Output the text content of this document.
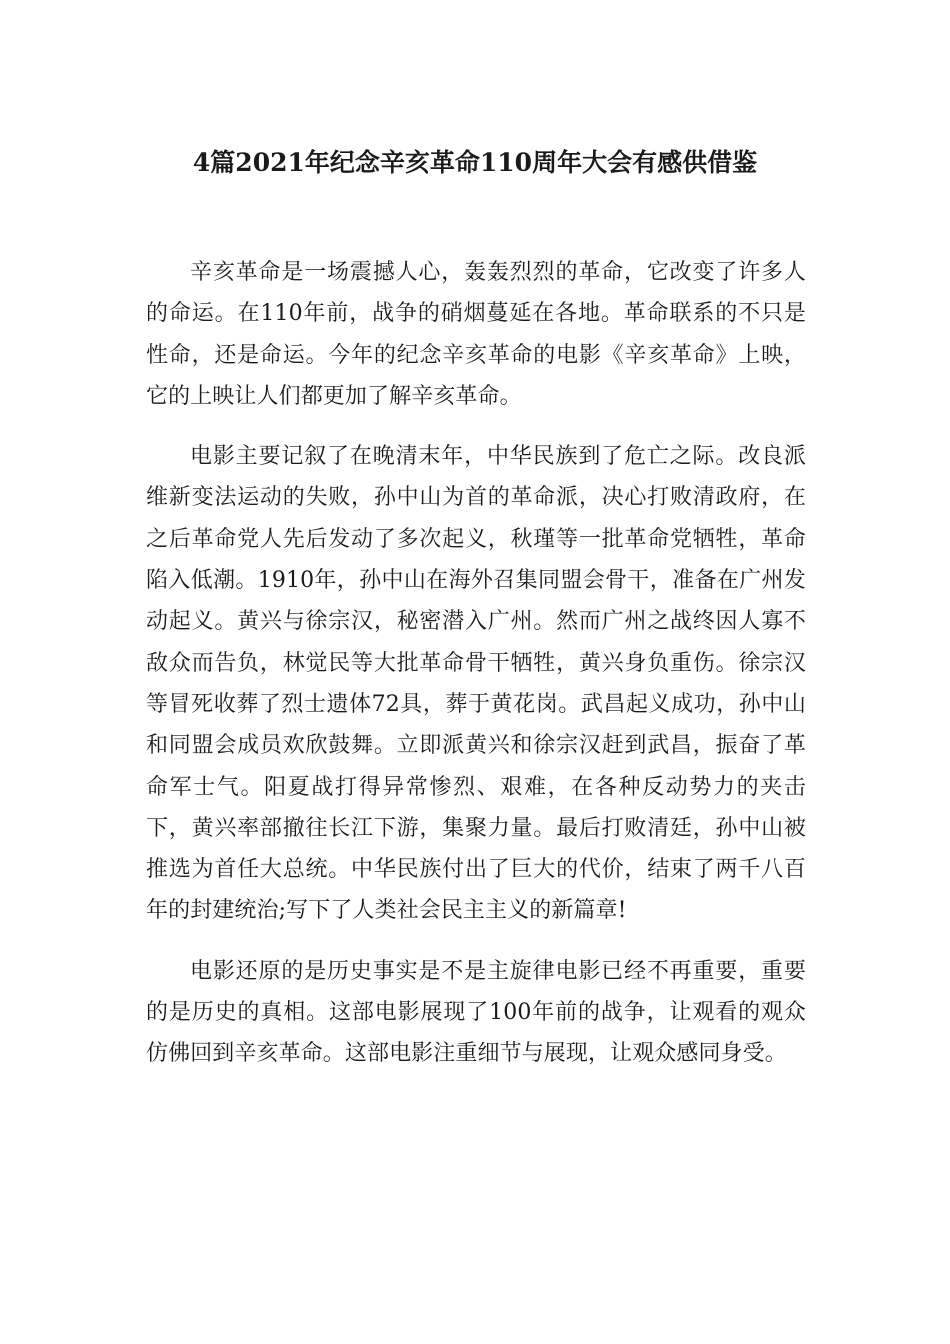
4篇2021年纪念辛亥革命110周年大会有感供借鉴

辛亥革命是一场震撼人心，轰轰烈烈的革命，它改变了许多人的命运。在110年前，战争的硝烟蔓延在各地。革命联系的不只是性命，还是命运。今年的纪念辛亥革命的电影《辛亥革命》上映，它的上映让人们都更加了解辛亥革命。

电影主要记叙了在晚清末年，中华民族到了危亡之际。改良派维新变法运动的失败，孙中山为首的革命派，决心打败清政府，在之后革命党人先后发动了多次起义，秋瑾等一批革命党牺牲，革命陷入低潮。1910年，孙中山在海外召集同盟会骨干，准备在广州发动起义。黄兴与徐宗汉，秘密潜入广州。然而广州之战终因人寡不敌众而告负，林觉民等大批革命骨干牺牲，黄兴身负重伤。徐宗汉等冒死收葬了烈士遗体72具，葬于黄花岗。武昌起义成功，孙中山和同盟会成员欢欣鼓舞。立即派黄兴和徐宗汉赶到武昌，振奋了革命军士气。阳夏战打得异常惨烈、艰难，在各种反动势力的夹击下，黄兴率部撤往长江下游，集聚力量。最后打败清廷，孙中山被推选为首任大总统。中华民族付出了巨大的代价，结束了两千八百年的封建统治;写下了人类社会民主主义的新篇章!

电影还原的是历史事实是不是主旋律电影已经不再重要，重要的是历史的真相。这部电影展现了100年前的战争，让观看的观众仿佛回到辛亥革命。这部电影注重细节与展现，让观众感同身受。
